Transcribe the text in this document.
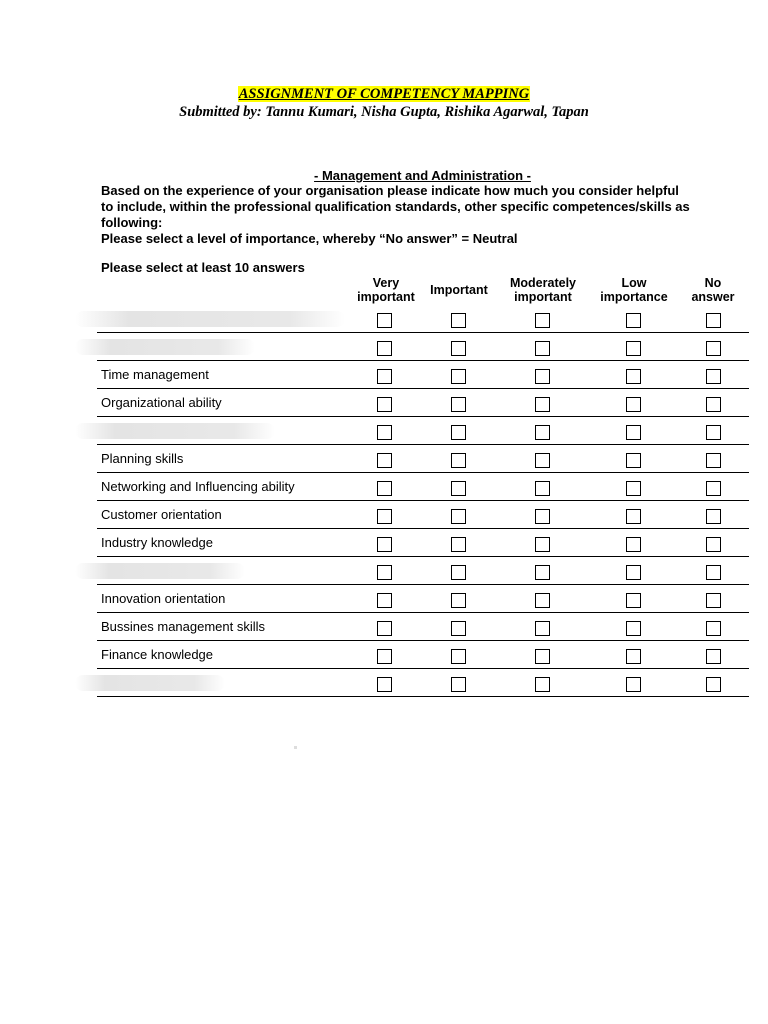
ASSIGNMENT OF COMPETENCY MAPPING
Submitted by: Tannu Kumari, Nisha Gupta, Rishika Agarwal, Tapan
- Management and Administration -
Based on the experience of your organisation please indicate how much you consider helpful
to include, within the professional qualification standards, other specific competences/skills as
following:
Please select a level of importance, whereby “No answer” = Neutral
Please select at least 10 answers
Very
important	Important	Moderately
important
Low
importance
No
answer
Time management
Organizational ability
Planning skills
Networking and Influencing ability
Customer orientation
Industry knowledge
Innovation orientation
Bussines management skills
Finance knowledge
